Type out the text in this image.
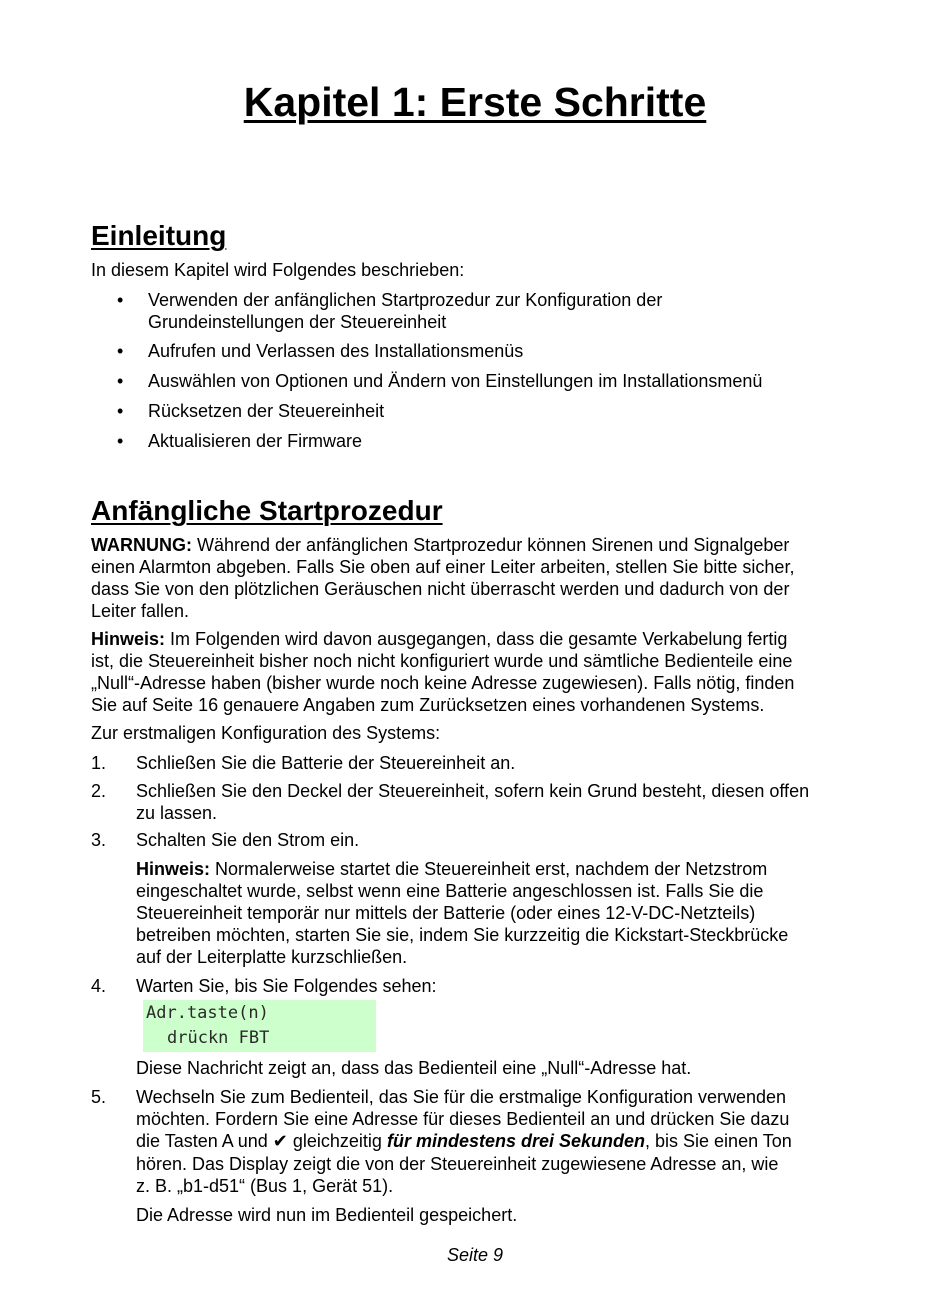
Kapitel 1: Erste Schritte
Einleitung
In diesem Kapitel wird Folgendes beschrieben:
• Verwenden der anfänglichen Startprozedur zur Konfiguration der
Grundeinstellungen der Steuereinheit
• Aufrufen und Verlassen des Installationsmenüs
• Auswählen von Optionen und Ändern von Einstellungen im Installationsmenü
• Rücksetzen der Steuereinheit
• Aktualisieren der Firmware
Anfängliche Startprozedur
WARNUNG: Während der anfänglichen Startprozedur können Sirenen und Signalgeber
einen Alarmton abgeben. Falls Sie oben auf einer Leiter arbeiten, stellen Sie bitte sicher,
dass Sie von den plötzlichen Geräuschen nicht überrascht werden und dadurch von der
Leiter fallen.
Hinweis: Im Folgenden wird davon ausgegangen, dass die gesamte Verkabelung fertig
ist, die Steuereinheit bisher noch nicht konfiguriert wurde und sämtliche Bedienteile eine
„Null“-Adresse haben (bisher wurde noch keine Adresse zugewiesen). Falls nötig, finden
Sie auf Seite 16 genauere Angaben zum Zurücksetzen eines vorhandenen Systems.
Zur erstmaligen Konfiguration des Systems:
1. Schließen Sie die Batterie der Steuereinheit an.
2. Schließen Sie den Deckel der Steuereinheit, sofern kein Grund besteht, diesen offen
zu lassen.
3. Schalten Sie den Strom ein.
Hinweis: Normalerweise startet die Steuereinheit erst, nachdem der Netzstrom
eingeschaltet wurde, selbst wenn eine Batterie angeschlossen ist. Falls Sie die
Steuereinheit temporär nur mittels der Batterie (oder eines 12-V-DC-Netzteils)
betreiben möchten, starten Sie sie, indem Sie kurzzeitig die Kickstart-Steckbrücke
auf der Leiterplatte kurzschließen.
4. Warten Sie, bis Sie Folgendes sehen:
Adr.taste(n)
drückn FBT
Diese Nachricht zeigt an, dass das Bedienteil eine „Null“-Adresse hat.
5. Wechseln Sie zum Bedienteil, das Sie für die erstmalige Konfiguration verwenden
möchten. Fordern Sie eine Adresse für dieses Bedienteil an und drücken Sie dazu
die Tasten A und ✔ gleichzeitig für mindestens drei Sekunden, bis Sie einen Ton
hören. Das Display zeigt die von der Steuereinheit zugewiesene Adresse an, wie
z. B. „b1-d51“ (Bus 1, Gerät 51).
Die Adresse wird nun im Bedienteil gespeichert.
Seite 9
